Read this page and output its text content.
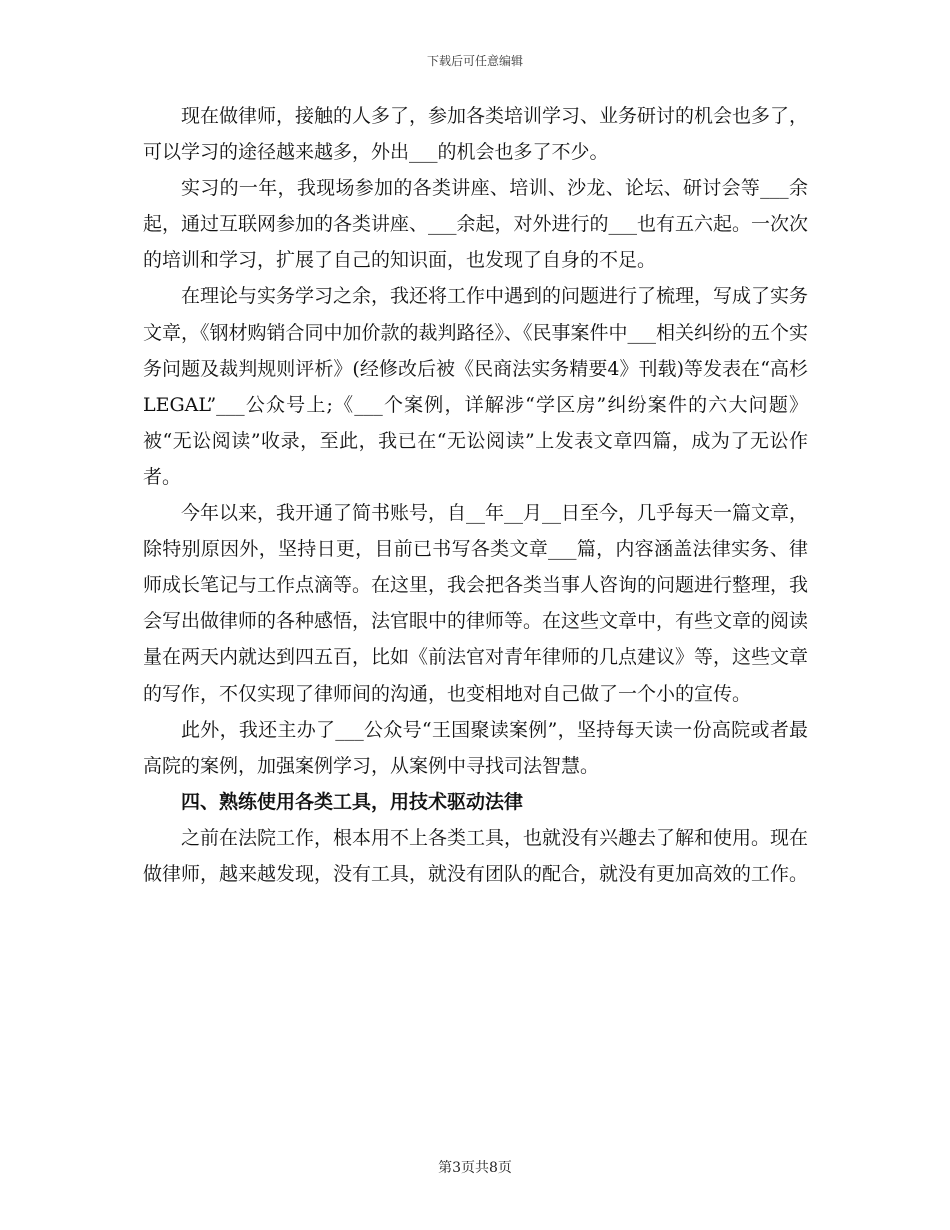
下载后可任意编辑

现在做律师，接触的人多了，参加各类培训学习、业务研讨的机会也多了，可以学习的途径越来越多，外出___的机会也多了不少。

实习的一年，我现场参加的各类讲座、培训、沙龙、论坛、研讨会等___余起，通过互联网参加的各类讲座、___余起，对外进行的___也有五六起。一次次的培训和学习，扩展了自己的知识面，也发现了自身的不足。

在理论与实务学习之余，我还将工作中遇到的问题进行了梳理，写成了实务文章，《钢材购销合同中加价款的裁判路径》、《民事案件中___相关纠纷的五个实务问题及裁判规则评析》(经修改后被《民商法实务精要4》刊载)等发表在“高杉LEGAL”___公众号上;《___个案例，详解涉“学区房”纠纷案件的六大问题》被“无讼阅读”收录，至此，我已在“无讼阅读”上发表文章四篇，成为了无讼作者。

今年以来，我开通了简书账号，自__年__月__日至今，几乎每天一篇文章，除特别原因外，坚持日更，目前已书写各类文章___篇，内容涵盖法律实务、律师成长笔记与工作点滴等。在这里，我会把各类当事人咨询的问题进行整理，我会写出做律师的各种感悟，法官眼中的律师等。在这些文章中，有些文章的阅读量在两天内就达到四五百，比如《前法官对青年律师的几点建议》等，这些文章的写作，不仅实现了律师间的沟通，也变相地对自己做了一个小的宣传。

此外，我还主办了___公众号“王国聚读案例”，坚持每天读一份高院或者最高院的案例，加强案例学习，从案例中寻找司法智慧。

四、熟练使用各类工具，用技术驱动法律

之前在法院工作，根本用不上各类工具，也就没有兴趣去了解和使用。现在做律师，越来越发现，没有工具，就没有团队的配合，就没有更加高效的工作。

第3页共8页
